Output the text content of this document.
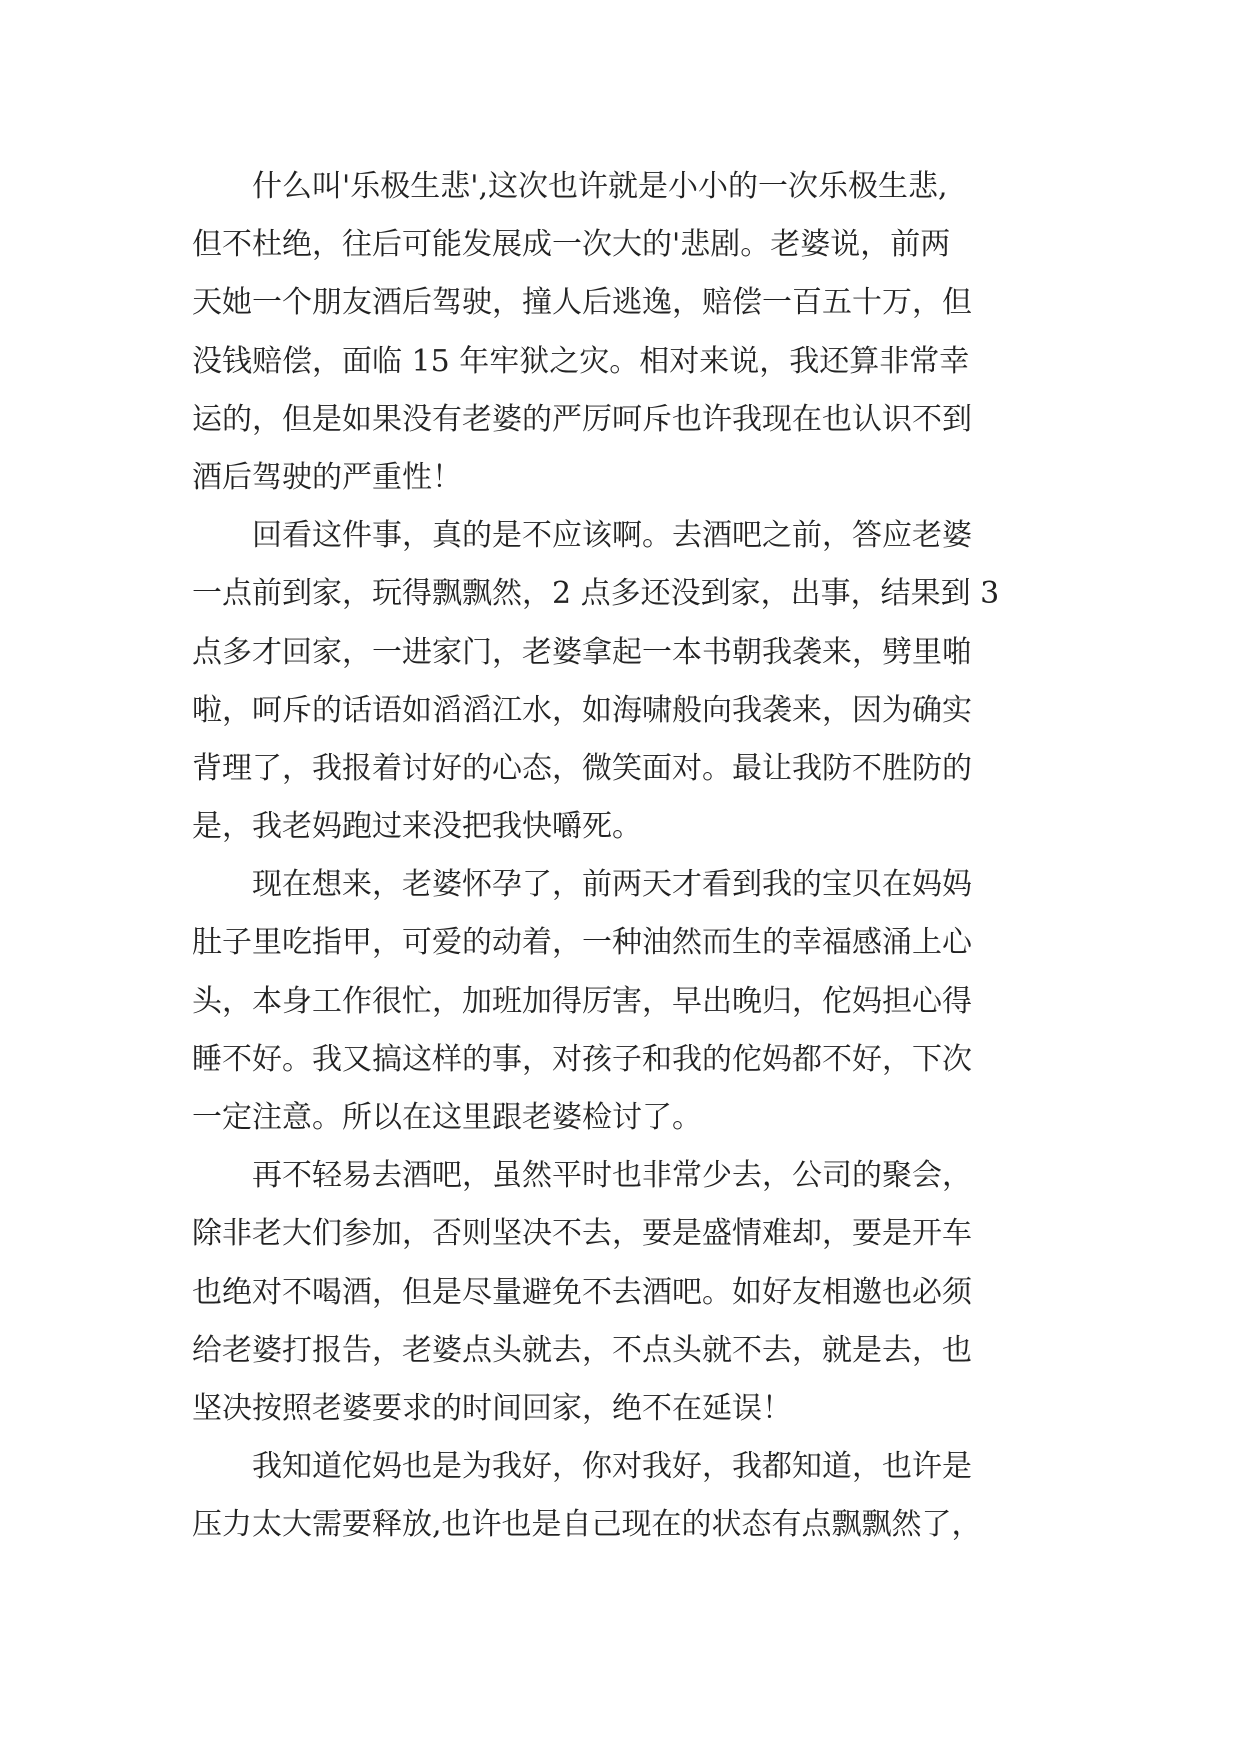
什么叫'乐极生悲',这次也许就是小小的一次乐极生悲,
但不杜绝，往后可能发展成一次大的'悲剧。老婆说，前两
天她一个朋友酒后驾驶，撞人后逃逸，赔偿一百五十万，但
没钱赔偿，面临 15 年牢狱之灾。相对来说，我还算非常幸
运的，但是如果没有老婆的严厉呵斥也许我现在也认识不到
酒后驾驶的严重性！
回看这件事，真的是不应该啊。去酒吧之前，答应老婆
一点前到家，玩得飘飘然，2 点多还没到家，出事，结果到 3
点多才回家，一进家门，老婆拿起一本书朝我袭来，劈里啪
啦，呵斥的话语如滔滔江水，如海啸般向我袭来，因为确实
背理了，我报着讨好的心态，微笑面对。最让我防不胜防的
是，我老妈跑过来没把我快嚼死。
现在想来，老婆怀孕了，前两天才看到我的宝贝在妈妈
肚子里吃指甲，可爱的动着，一种油然而生的幸福感涌上心
头，本身工作很忙，加班加得厉害，早出晚归，佗妈担心得
睡不好。我又搞这样的事，对孩子和我的佗妈都不好，下次
一定注意。所以在这里跟老婆检讨了。
再不轻易去酒吧，虽然平时也非常少去，公司的聚会，
除非老大们参加，否则坚决不去，要是盛情难却，要是开车
也绝对不喝酒，但是尽量避免不去酒吧。如好友相邀也必须
给老婆打报告，老婆点头就去，不点头就不去，就是去，也
坚决按照老婆要求的时间回家，绝不在延误！
我知道佗妈也是为我好，你对我好，我都知道，也许是
压力太大需要释放,也许也是自己现在的状态有点飘飘然了，
